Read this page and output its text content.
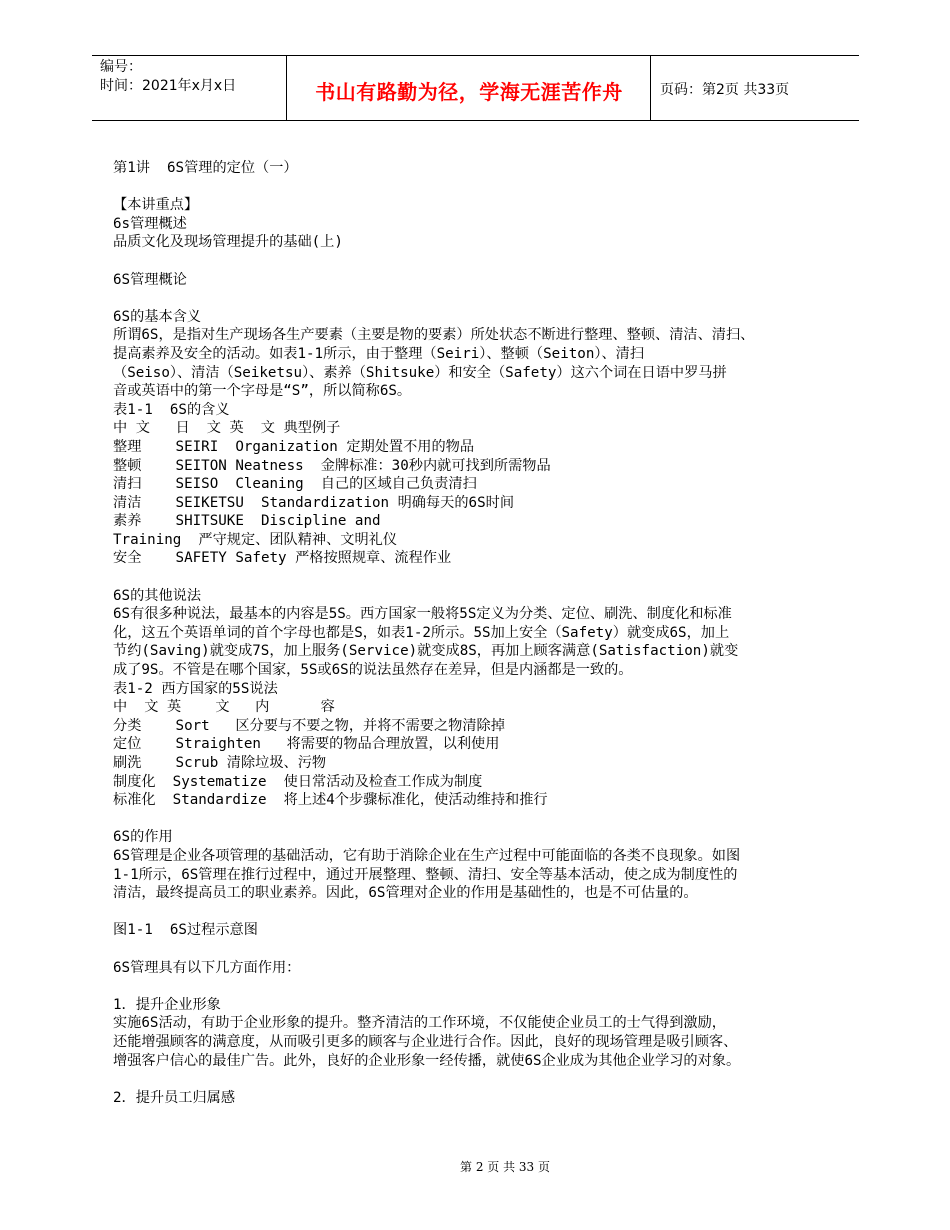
编号：
时间：2021年x月x日	书山有路勤为径，学海无涯苦作舟	页码：第2页 共33页
第1讲  6S管理的定位（一）
【本讲重点】
6s管理概述
品质文化及现场管理提升的基础(上)
6S管理概论
6S的基本含义
所谓6S，是指对生产现场各生产要素（主要是物的要素）所处状态不断进行整理、整顿、清洁、清扫、
提高素养及安全的活动。如表1-1所示，由于整理（Seiri）、整顿（Seiton）、清扫
（Seiso）、清洁（Seiketsu）、素养（Shitsuke）和安全（Safety）这六个词在日语中罗马拼
音或英语中的第一个字母是“S”，所以简称6S。
表1-1  6S的含义
中 文   日  文 英  文 典型例子
整理    SEIRI  Organization 定期处置不用的物品
整顿    SEITON Neatness  金牌标准：30秒内就可找到所需物品
清扫    SEISO  Cleaning  自己的区域自己负责清扫
清洁    SEIKETSU  Standardization 明确每天的6S时间
素养    SHITSUKE  Discipline and
Training  严守规定、团队精神、文明礼仪
安全    SAFETY Safety 严格按照规章、流程作业
6S的其他说法
6S有很多种说法，最基本的内容是5S。西方国家一般将5S定义为分类、定位、刷洗、制度化和标准
化，这五个英语单词的首个字母也都是S，如表1-2所示。5S加上安全（Safety）就变成6S，加上
节约(Saving)就变成7S，加上服务(Service)就变成8S，再加上顾客满意(Satisfaction)就变
成了9S。不管是在哪个国家，5S或6S的说法虽然存在差异，但是内涵都是一致的。
表1-2 西方国家的5S说法
中  文 英    文   内      容
分类    Sort   区分要与不要之物，并将不需要之物清除掉
定位    Straighten   将需要的物品合理放置，以利使用
刷洗    Scrub 清除垃圾、污物
制度化  Systematize  使日常活动及检查工作成为制度
标准化  Standardize  将上述4个步骤标准化，使活动维持和推行
6S的作用
6S管理是企业各项管理的基础活动，它有助于消除企业在生产过程中可能面临的各类不良现象。如图
1-1所示，6S管理在推行过程中，通过开展整理、整顿、清扫、安全等基本活动，使之成为制度性的
清洁，最终提高员工的职业素养。因此，6S管理对企业的作用是基础性的，也是不可估量的。
图1-1  6S过程示意图
6S管理具有以下几方面作用：
1．提升企业形象
实施6S活动，有助于企业形象的提升。整齐清洁的工作环境，不仅能使企业员工的士气得到激励，
还能增强顾客的满意度，从而吸引更多的顾客与企业进行合作。因此，良好的现场管理是吸引顾客、
增强客户信心的最佳广告。此外，良好的企业形象一经传播，就使6S企业成为其他企业学习的对象。
2．提升员工归属感
第 2 页 共 33 页
